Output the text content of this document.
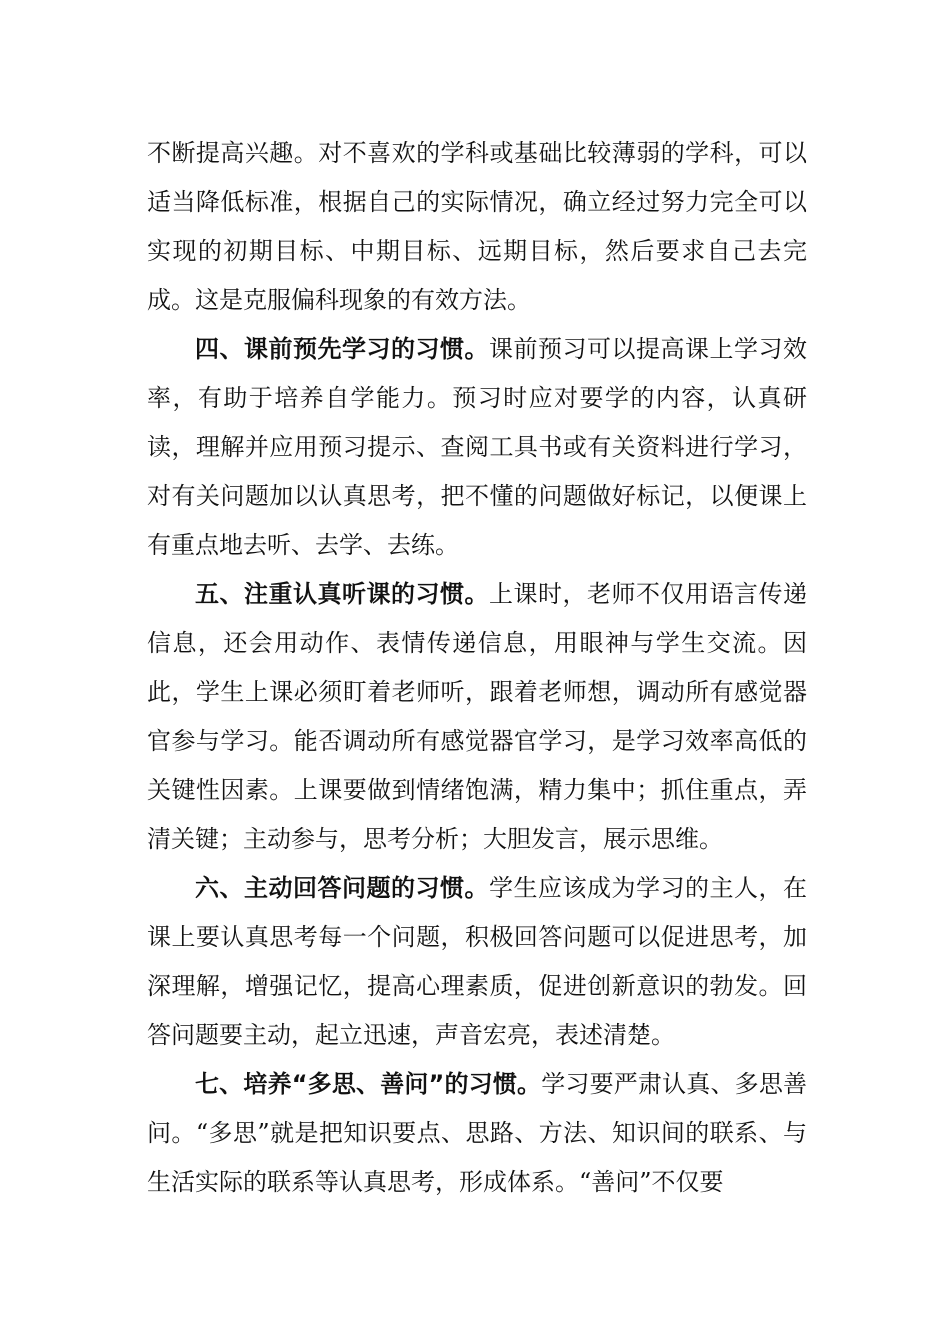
不断提高兴趣。对不喜欢的学科或基础比较薄弱的学科，可以适当降低标准，根据自己的实际情况，确立经过努力完全可以实现的初期目标、中期目标、远期目标，然后要求自己去完成。这是克服偏科现象的有效方法。

四、课前预先学习的习惯。课前预习可以提高课上学习效率，有助于培养自学能力。预习时应对要学的内容，认真研读，理解并应用预习提示、查阅工具书或有关资料进行学习，对有关问题加以认真思考，把不懂的问题做好标记，以便课上有重点地去听、去学、去练。

五、注重认真听课的习惯。上课时，老师不仅用语言传递信息，还会用动作、表情传递信息，用眼神与学生交流。因此，学生上课必须盯着老师听，跟着老师想，调动所有感觉器官参与学习。能否调动所有感觉器官学习，是学习效率高低的关键性因素。上课要做到情绪饱满，精力集中；抓住重点，弄清关键；主动参与，思考分析；大胆发言，展示思维。

六、主动回答问题的习惯。学生应该成为学习的主人，在课上要认真思考每一个问题，积极回答问题可以促进思考，加深理解，增强记忆，提高心理素质，促进创新意识的勃发。回答问题要主动，起立迅速，声音宏亮，表述清楚。

七、培养“多思、善问”的习惯。学习要严肃认真、多思善问。“多思”就是把知识要点、思路、方法、知识间的联系、与生活实际的联系等认真思考，形成体系。“善问”不仅要
